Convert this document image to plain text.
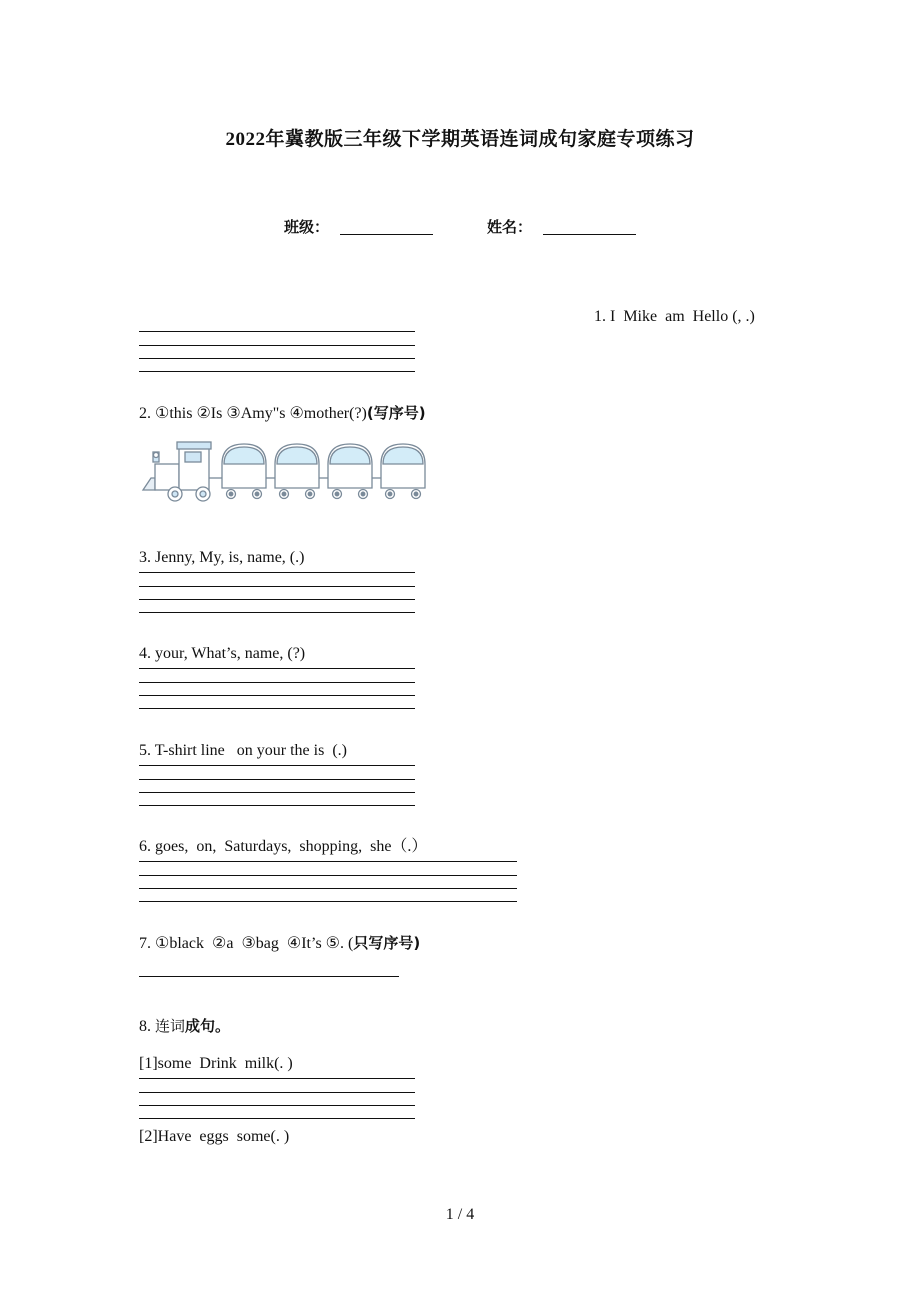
2022年冀教版三年级下学期英语连词成句家庭专项练习
班级：	姓名：
1. I  Mike  am  Hello (, .)
2. ①this ②Is ③Amy"s ④mother(?)(写序号)
3. Jenny, My, is, name, (.)
4. your, What’s, name, (?)
5. T-shirt line   on your the is  (.)
6. goes,  on,  Saturdays,  shopping,  she（.）
7. ①black  ②a  ③bag  ④It’s ⑤. (只写序号)
8. 连词成句。
[1]some  Drink  milk(. )
[2]Have  eggs  some(. )
1 / 4
